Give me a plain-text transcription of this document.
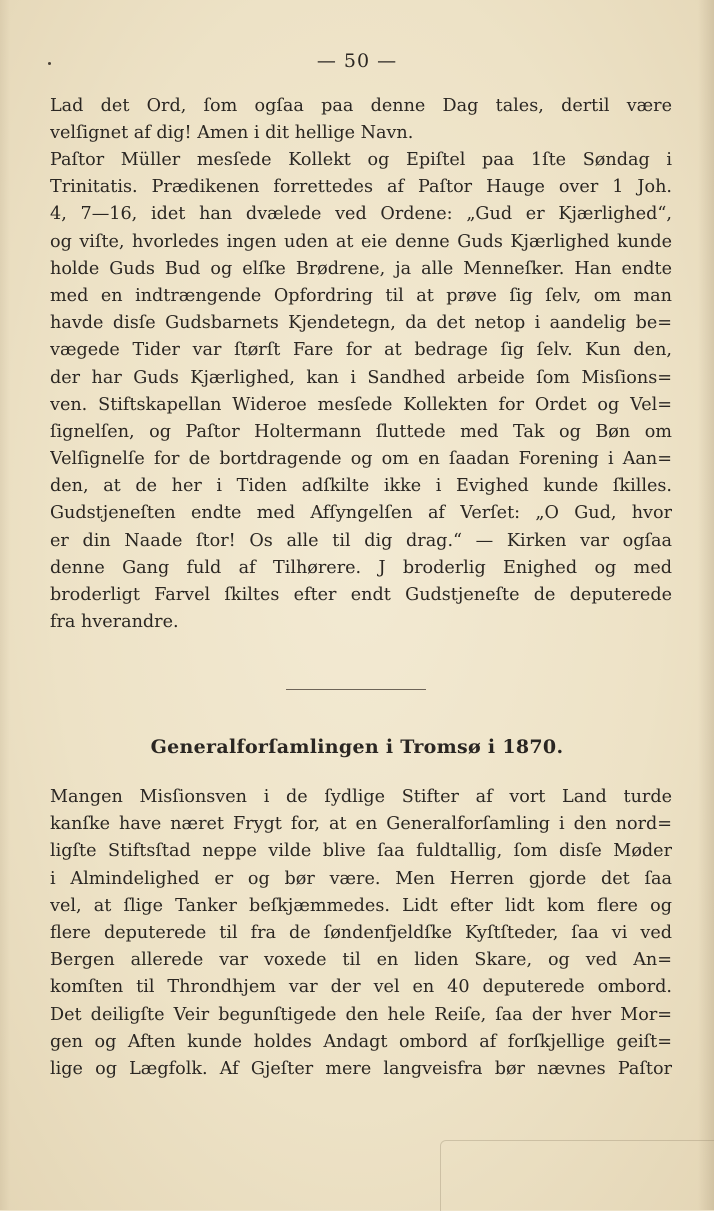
— 50 —
Lad det Ord, ſom ogſaa paa denne Dag tales, dertil være
velſignet af dig! Amen i dit hellige Navn.
Paſtor Müller mesſede Kollekt og Epiſtel paa 1ſte Søndag i
Trinitatis. Prædikenen forrettedes af Paſtor Hauge over 1 Joh.
4, 7—16, idet han dvælede ved Ordene: „Gud er Kjærlighed“,
og viſte, hvorledes ingen uden at eie denne Guds Kjærlighed kunde
holde Guds Bud og elſke Brødrene, ja alle Menneſker. Han endte
med en indtrængende Opfordring til at prøve ſig ſelv, om man
havde disſe Gudsbarnets Kjendetegn, da det netop i aandelig be=
vægede Tider var ſtørſt Fare for at bedrage ſig ſelv. Kun den,
der har Guds Kjærlighed, kan i Sandhed arbeide ſom Misſions=
ven. Stiftskapellan Wideroe mesſede Kollekten for Ordet og Vel=
ſignelſen, og Paſtor Holtermann ſluttede med Tak og Bøn om
Velſignelſe for de bortdragende og om en ſaadan Forening i Aan=
den, at de her i Tiden adſkilte ikke i Evighed kunde ſkilles.
Gudstjeneſten endte med Afſyngelſen af Verſet: „O Gud, hvor
er din Naade ſtor! Os alle til dig drag.“ — Kirken var ogſaa
denne Gang fuld af Tilhørere. J broderlig Enighed og med
broderligt Farvel ſkiltes efter endt Gudstjeneſte de deputerede
fra hverandre.
Generalforſamlingen i Tromsø i 1870.
Mangen Misſionsven i de ſydlige Stifter af vort Land turde
kanſke have næret Frygt for, at en Generalforſamling i den nord=
ligſte Stiftsſtad neppe vilde blive ſaa fuldtallig, ſom disſe Møder
i Almindelighed er og bør være. Men Herren gjorde det ſaa
vel, at ſlige Tanker beſkjæmmedes. Lidt efter lidt kom flere og
flere deputerede til fra de ſøndenfjeldſke Kyſtſteder, ſaa vi ved
Bergen allerede var voxede til en liden Skare, og ved An=
komſten til Throndhjem var der vel en 40 deputerede ombord.
Det deiligſte Veir begunſtigede den hele Reiſe, ſaa der hver Mor=
gen og Aften kunde holdes Andagt ombord af forſkjellige geiſt=
lige og Lægfolk. Af Gjeſter mere langveisfra bør nævnes Paſtor
